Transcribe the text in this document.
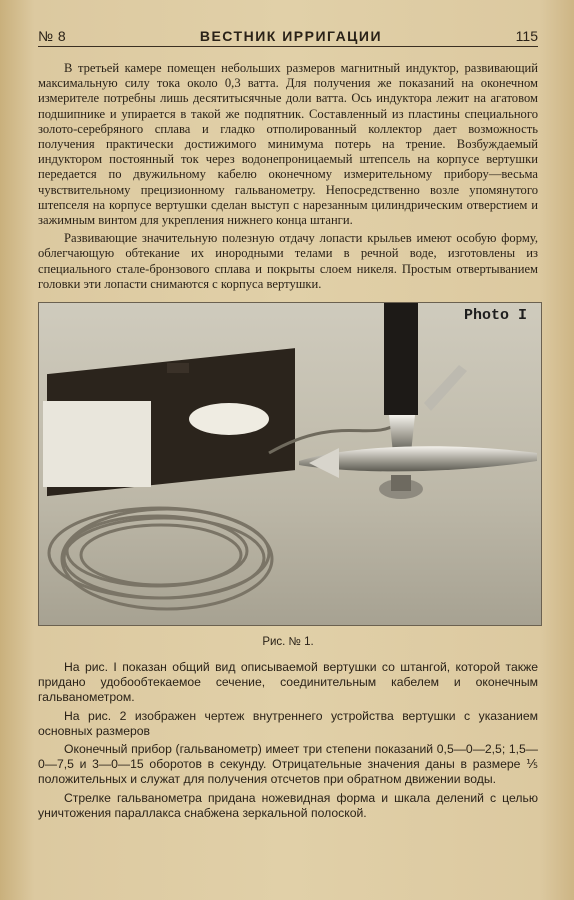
№ 8	ВЕСТНИК ИРРИГАЦИИ	115

В третьей камере помещен небольших размеров магнитный индуктор, развивающий максимальную силу тока около 0,3 ватта. Для получения же показаний на оконечном измерителе потребны лишь десятитысячные доли ватта. Ось индуктора лежит на агатовом подшипнике и упирается в такой же подпятник. Составленный из пластины специального золото-серебряного сплава и гладко отполированный коллектор дает возможность получения практически достижимого минимума потерь на трение. Возбуждаемый индуктором постоянный ток через водонепроницаемый штепсель на корпусе вертушки передается по двужильному кабелю оконечному измерительному прибору—весьма чувствительному прецизионному гальванометру. Непосредственно возле упомянутого штепселя на корпусе вертушки сделан выступ с нарезанным цилиндрическим отверстием и зажимным винтом для укрепления нижнего конца штанги.

Развивающие значительную полезную отдачу лопасти крыльев имеют особую форму, облегчающую обтекание их инородными телами в речной воде, изготовлены из специального стале-бронзового сплава и покрыты слоем никеля. Простым отвертыванием головки эти лопасти снимаются с корпуса вертушки.

Photo I
Рис. № 1.

На рис. I показан общий вид описываемой вертушки со штангой, которой также придано удобообтекаемое сечение, соединительным кабелем и оконечным гальванометром.

На рис. 2 изображен чертеж внутреннего устройства вертушки с указанием основных размеров

Оконечный прибор (гальванометр) имеет три степени показаний 0,5—0—2,5; 1,5—0—7,5 и 3—0—15 оборотов в секунду. Отрицательные значения даны в размере ⅕ положительных и служат для получения отсчетов при обратном движении воды.

Стрелке гальванометра придана ножевидная форма и шкала делений с целью уничтожения параллакса снабжена зеркальной полоской.
